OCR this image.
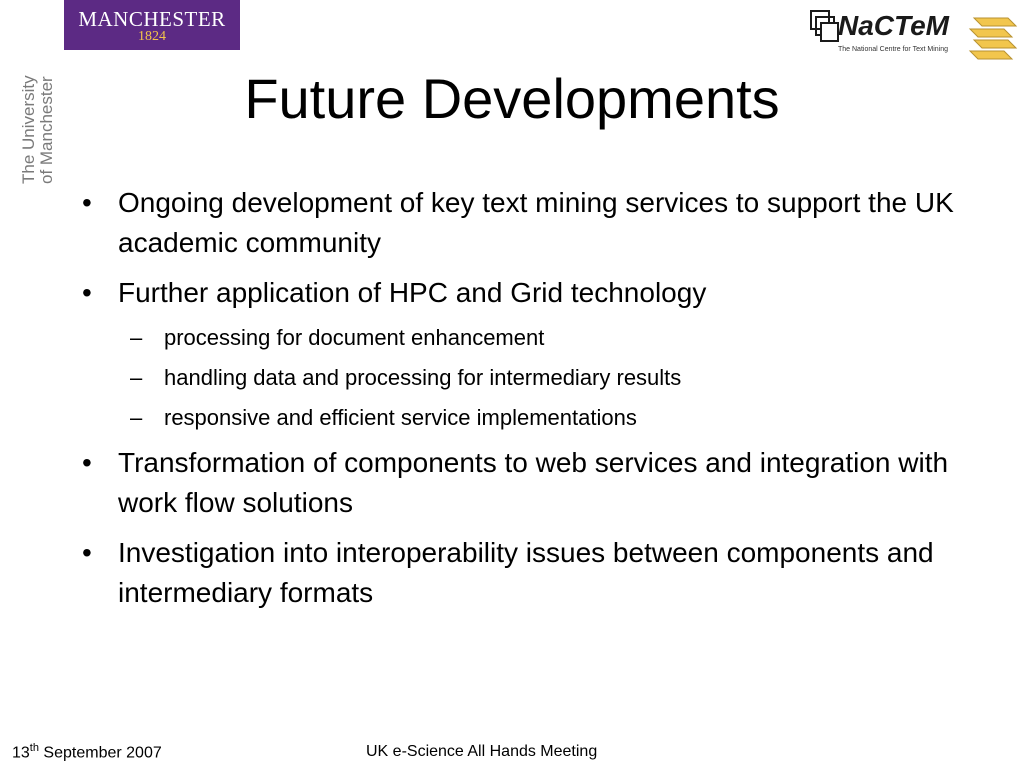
MANCHESTER
1824
The University of Manchester
NaCTeM
The National Centre for Text Mining
Future Developments
• Ongoing development of key text mining services to support the UK academic community
• Further application of HPC and Grid technology
– processing for document enhancement
– handling data and processing for intermediary results
– responsive and efficient service implementations
• Transformation of components to web services and integration with work flow solutions
• Investigation into interoperability issues between components and intermediary formats
13th September 2007	UK e-Science All Hands Meeting
